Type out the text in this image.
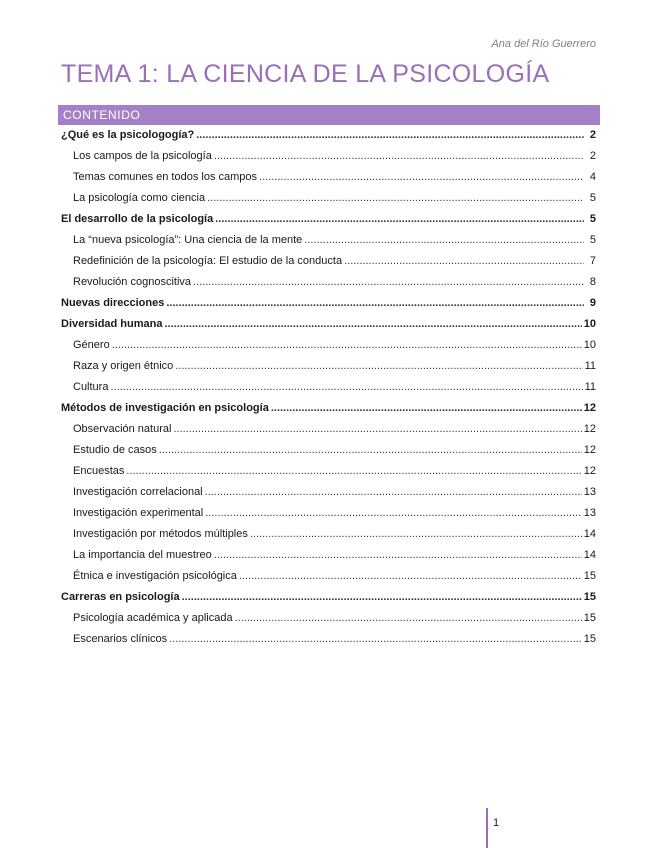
Ana del Río Guerrero
TEMA 1: LA CIENCIA DE LA PSICOLOGÍA
CONTENIDO
¿Qué es la psicologogía? .....	2
Los campos de la psicología .....	2
Temas comunes en todos los campos .....	4
La psicología como ciencia .....	5
El desarrollo de la psicología .....	5
La “nueva psicología”: Una ciencia de la mente .....	5
Redefinición de la psicología: El estudio de la conducta .....	7
Revolución cognoscitiva .....	8
Nuevas direcciones .....	9
Diversidad humana .....	10
Género .....	10
Raza y origen étnico .....	11
Cultura .....	11
Métodos de investigación en psicología .....	12
Observación natural .....	12
Estudio de casos .....	12
Encuestas .....	12
Investigación correlacional .....	13
Investigación experimental .....	13
Investigación por métodos múltiples .....	14
La importancia del muestreo .....	14
Étnica e investigación psicológica .....	15
Carreras en psicología .....	15
Psicología académica y aplicada .....	15
Escenarios clínicos .....	15
1
